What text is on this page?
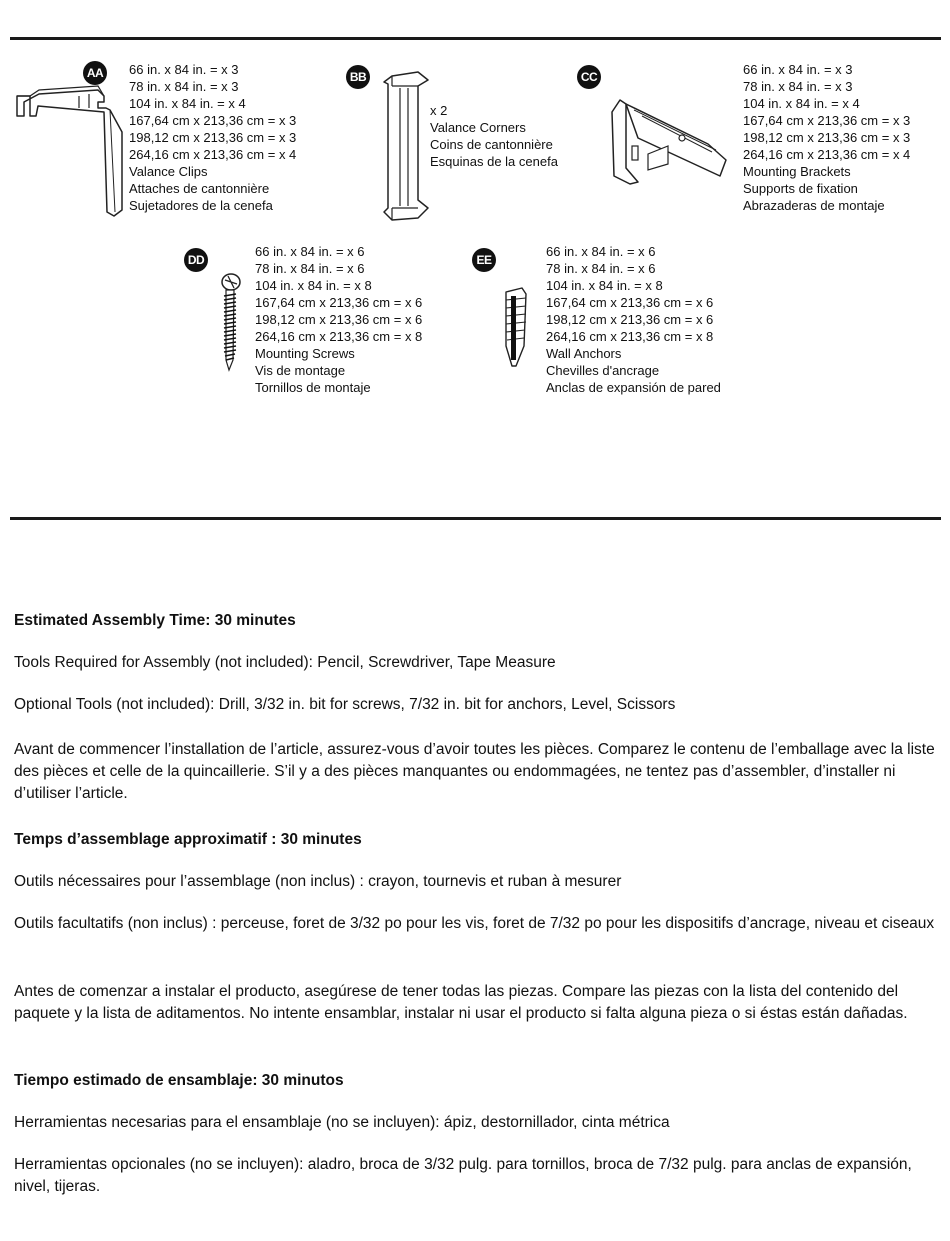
AA 66 in. x 84 in. = x 3
78 in. x 84 in. = x 3
104 in. x 84 in. = x 4
167,64 cm x 213,36 cm = x 3
198,12 cm x 213,36 cm = x 3
264,16 cm x 213,36 cm = x 4
Valance Clips
Attaches de cantonnière
Sujetadores de la cenefa
BB
x 2
Valance Corners
Coins de cantonnière
Esquinas de la cenefa
CC	66 in. x 84 in. = x 3
78 in. x 84 in. = x 3
104 in. x 84 in. = x 4
167,64 cm x 213,36 cm = x 3
198,12 cm x 213,36 cm = x 3
264,16 cm x 213,36 cm = x 4
Mounting Brackets
Supports de fixation
Abrazaderas de montaje
DD
66 in. x 84 in. = x 6
78 in. x 84 in. = x 6
104 in. x 84 in. = x 8
167,64 cm x 213,36 cm = x 6
198,12 cm x 213,36 cm = x 6
264,16 cm x 213,36 cm = x 8
Mounting Screws
Vis de montage
Tornillos de montaje
EE
66 in. x 84 in. = x 6
78 in. x 84 in. = x 6
104 in. x 84 in. = x 8
167,64 cm x 213,36 cm = x 6
198,12 cm x 213,36 cm = x 6
264,16 cm x 213,36 cm = x 8
Wall Anchors
Chevilles d'ancrage
Anclas de expansión de pared
Estimated Assembly Time: 30 minutes
Tools Required for Assembly (not included): Pencil, Screwdriver, Tape Measure
Optional Tools (not included): Drill, 3/32 in. bit for screws, 7/32 in. bit for anchors, Level, Scissors
Avant de commencer l’installation de l’article, assurez-vous d’avoir toutes les pièces. Comparez le contenu de l’emballage avec la liste des pièces et celle de la quincaillerie. S’il y a des pièces manquantes ou endommagées, ne tentez pas d’assembler, d’installer ni d’utiliser l’article.
Temps d’assemblage approximatif : 30 minutes
Outils nécessaires pour l’assemblage (non inclus) : crayon, tournevis et ruban à mesurer
Outils facultatifs (non inclus) : perceuse, foret de 3/32 po pour les vis, foret de 7/32 po pour les dispositifs d’ancrage, niveau et ciseaux
Antes de comenzar a instalar el producto, asegúrese de tener todas las piezas. Compare las piezas con la lista del contenido del paquete y la lista de aditamentos. No intente ensamblar, instalar ni usar el producto si falta alguna pieza o si éstas están dañadas.
Tiempo estimado de ensamblaje: 30 minutos
Herramientas necesarias para el ensamblaje (no se incluyen): ápiz, destornillador, cinta métrica
Herramientas opcionales (no se incluyen): aladro, broca de 3/32 pulg. para tornillos, broca de 7/32 pulg. para anclas de expansión, nivel, tijeras.
